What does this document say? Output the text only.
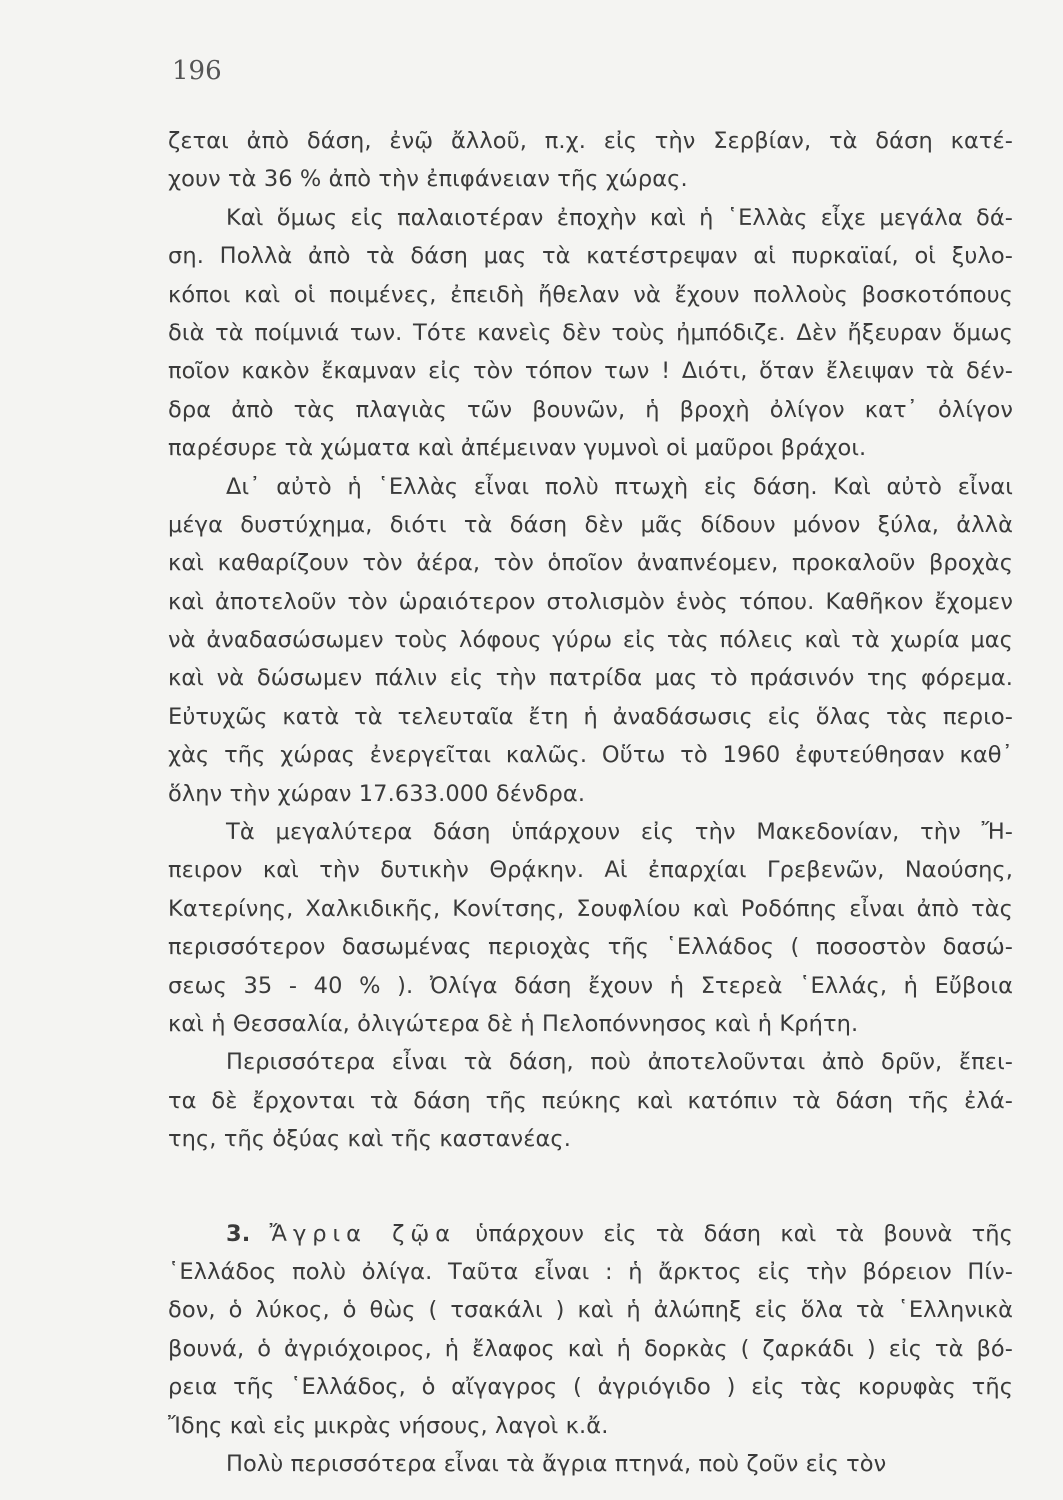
196
ζεται ἀπὸ δάση, ἐνῷ ἄλλοῦ, π.χ. εἰς τὴν Σερβίαν, τὰ δάση κατέ-
χουν τὰ 36 % ἀπὸ τὴν ἐπιφάνειαν τῆς χώρας.
Καὶ ὅμως εἰς παλαιοτέραν ἐποχὴν καὶ ἡ ῾Ελλὰς εἶχε μεγάλα δά-
ση. Πολλὰ ἀπὸ τὰ δάση μας τὰ κατέστρεψαν αἱ πυρκαϊαί, οἱ ξυλο-
κόποι καὶ οἱ ποιμένες, ἐπειδὴ ἤθελαν νὰ ἔχουν πολλοὺς βοσκοτόπους
διὰ τὰ ποίμνιά των. Τότε κανεὶς δὲν τοὺς ἠμπόδιζε. Δὲν ἤξευραν ὅμως
ποῖον κακὸν ἔκαμναν εἰς τὸν τόπον των ! Διότι, ὅταν ἔλειψαν τὰ δέν-
δρα ἀπὸ τὰς πλαγιὰς τῶν βουνῶν, ἡ βροχὴ ὀλίγον κατ᾽ ὀλίγον
παρέσυρε τὰ χώματα καὶ ἀπέμειναν γυμνοὶ οἱ μαῦροι βράχοι.
Δι᾽ αὐτὸ ἡ ῾Ελλὰς εἶναι πολὺ πτωχὴ εἰς δάση. Καὶ αὐτὸ εἶναι
μέγα δυστύχημα, διότι τὰ δάση δὲν μᾶς δίδουν μόνον ξύλα, ἀλλὰ
καὶ καθαρίζουν τὸν ἀέρα, τὸν ὁποῖον ἀναπνέομεν, προκαλοῦν βροχὰς
καὶ ἀποτελοῦν τὸν ὡραιότερον στολισμὸν ἑνὸς τόπου. Καθῆκον ἔχομεν
νὰ ἀναδασώσωμεν τοὺς λόφους γύρω εἰς τὰς πόλεις καὶ τὰ χωρία μας
καὶ νὰ δώσωμεν πάλιν εἰς τὴν πατρίδα μας τὸ πράσινόν της φόρεμα.
Εὐτυχῶς κατὰ τὰ τελευταῖα ἔτη ἡ ἀναδάσωσις εἰς ὅλας τὰς περιο-
χὰς τῆς χώρας ἐνεργεῖται καλῶς. Οὕτω τὸ 1960 ἐφυτεύθησαν καθ᾽
ὅλην τὴν χώραν 17.633.000 δένδρα.
Τὰ μεγαλύτερα δάση ὑπάρχουν εἰς τὴν Μακεδονίαν, τὴν Ἤ-
πειρον καὶ τὴν δυτικὴν Θρᾴκην. Αἱ ἐπαρχίαι Γρεβενῶν, Ναούσης,
Κατερίνης, Χαλκιδικῆς, Κονίτσης, Σουφλίου καὶ Ροδόπης εἶναι ἀπὸ τὰς
περισσότερον δασωμένας περιοχὰς τῆς ῾Ελλάδος ( ποσοστὸν δασώ-
σεως 35 - 40 % ). Ὀλίγα δάση ἔχουν ἡ Στερεὰ ῾Ελλάς, ἡ Εὔβοια
καὶ ἡ Θεσσαλία, ὀλιγώτερα δὲ ἡ Πελοπόννησος καὶ ἡ Κρήτη.
Περισσότερα εἶναι τὰ δάση, ποὺ ἀποτελοῦνται ἀπὸ δρῦν, ἔπει-
τα δὲ ἔρχονται τὰ δάση τῆς πεύκης καὶ κατόπιν τὰ δάση τῆς ἐλά-
της, τῆς ὀξύας καὶ τῆς καστανέας.
3. Ἄγρια ζῷα ὑπάρχουν εἰς τὰ δάση καὶ τὰ βουνὰ τῆς
῾Ελλάδος πολὺ ὀλίγα. Ταῦτα εἶναι : ἡ ἄρκτος εἰς τὴν βόρειον Πίν-
δον, ὁ λύκος, ὁ θὼς ( τσακάλι ) καὶ ἡ ἀλώπηξ εἰς ὅλα τὰ ῾Ελληνικὰ
βουνά, ὁ ἀγριόχοιρος, ἡ ἔλαφος καὶ ἡ δορκὰς ( ζαρκάδι ) εἰς τὰ βό-
ρεια τῆς ῾Ελλάδος, ὁ αἴγαγρος ( ἀγριόγιδο ) εἰς τὰς κορυφὰς τῆς
Ἴδης καὶ εἰς μικρὰς νήσους, λαγοὶ κ.ἄ.
Πολὺ περισσότερα εἶναι τὰ ἄγρια πτηνά, ποὺ ζοῦν εἰς τὸν
